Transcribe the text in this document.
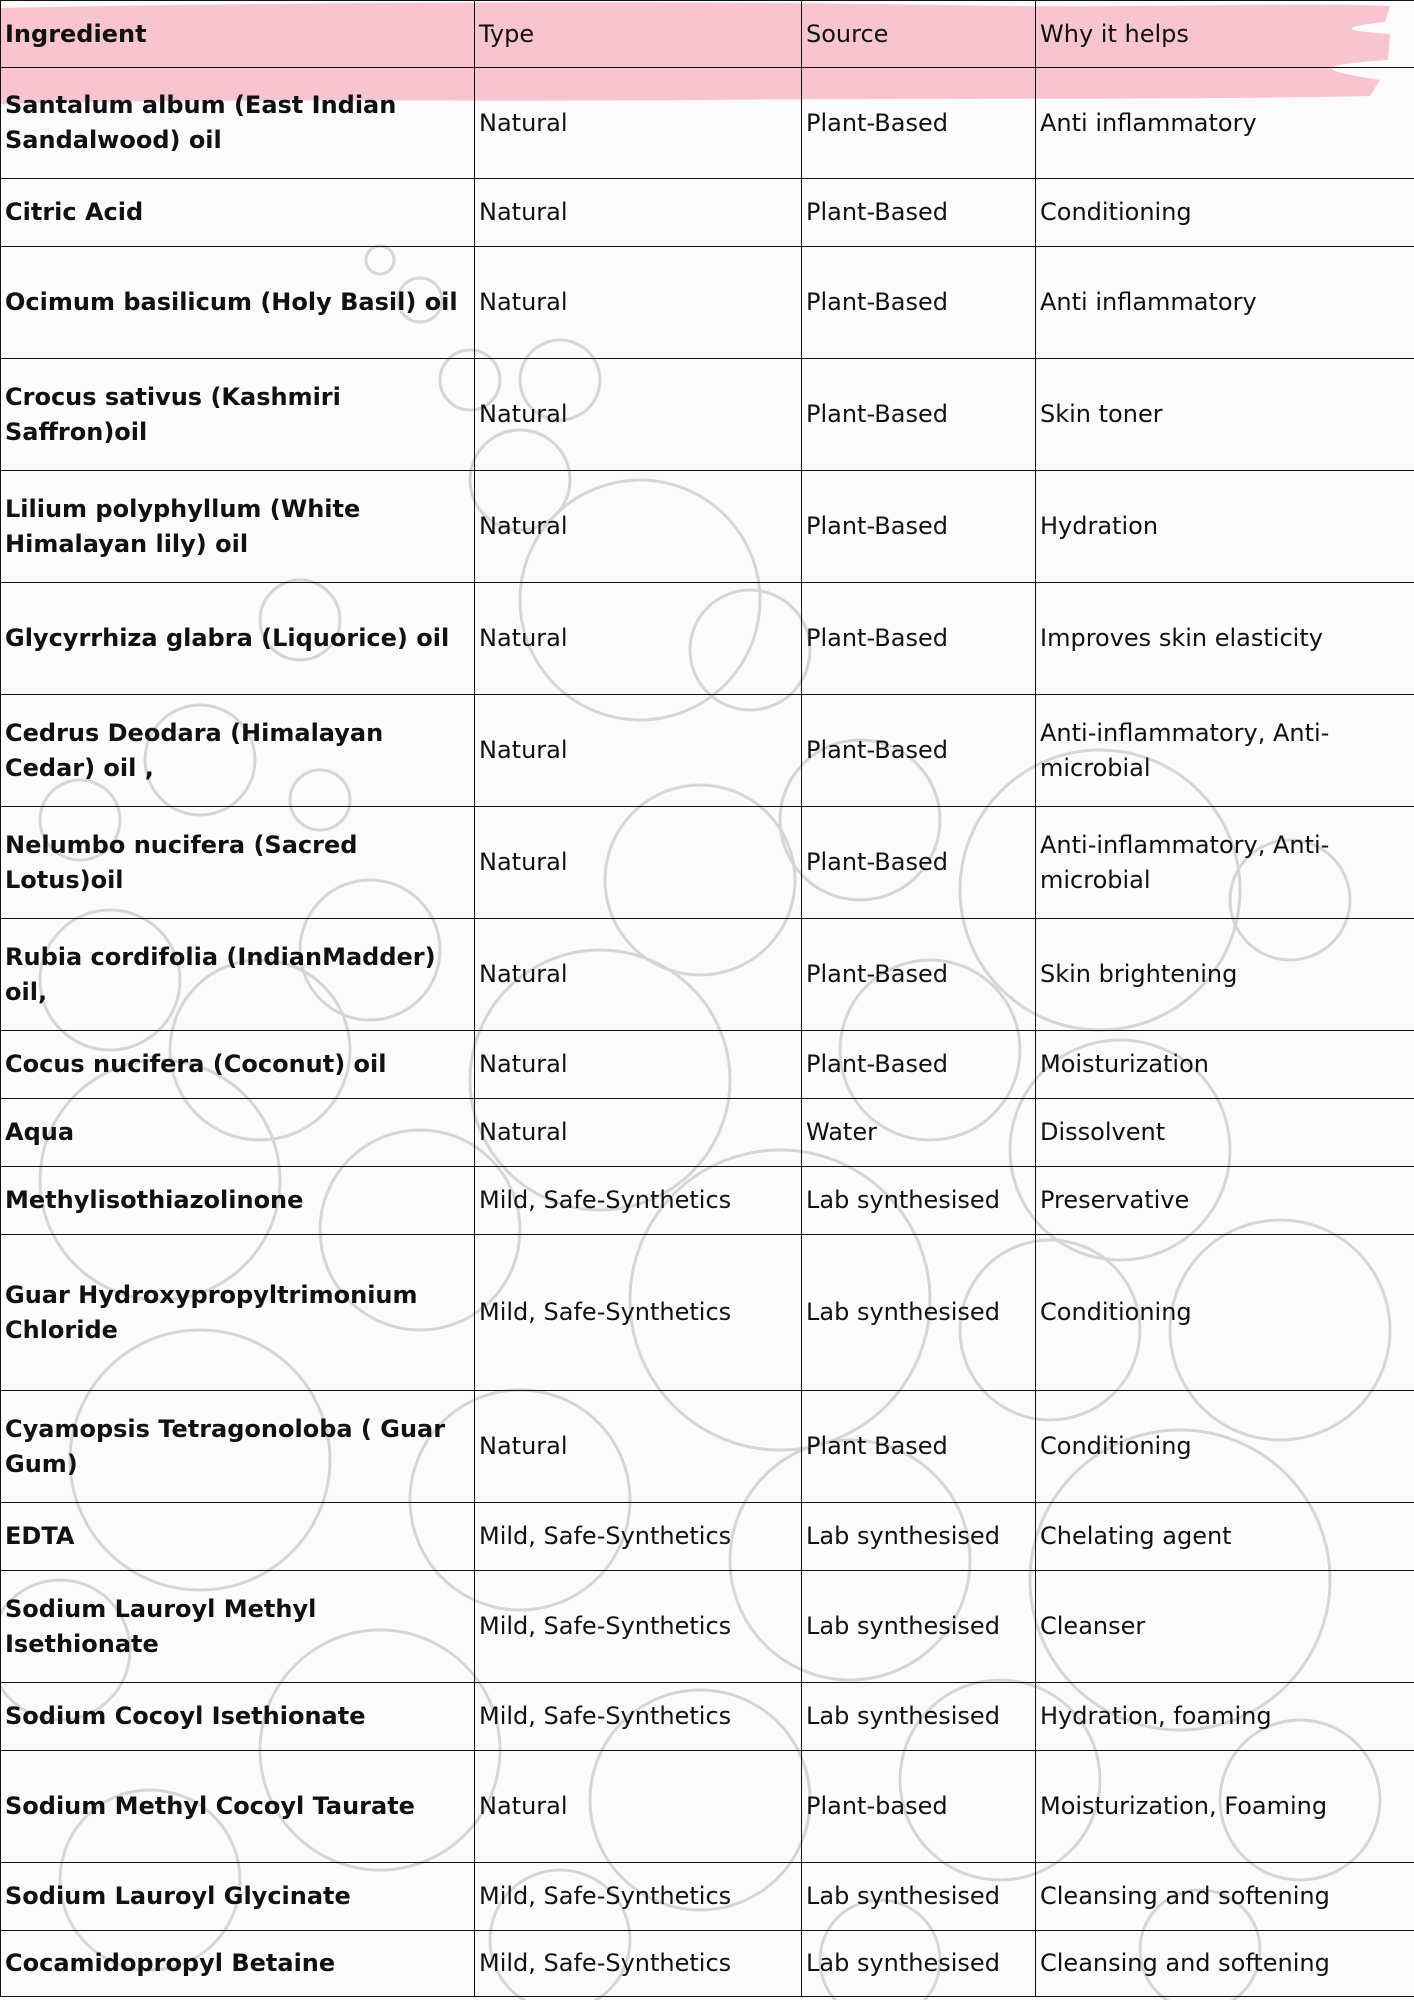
Ingredient	Type	Source	Why it helps
Santalum album (East Indian Sandalwood) oil	Natural	Plant-Based	Anti inflammatory
Citric Acid	Natural	Plant-Based	Conditioning
Ocimum basilicum (Holy Basil) oil	Natural	Plant-Based	Anti inflammatory
Crocus sativus (Kashmiri Saffron)oil	Natural	Plant-Based	Skin toner
Lilium polyphyllum (White Himalayan lily) oil	Natural	Plant-Based	Hydration
Glycyrrhiza glabra (Liquorice) oil	Natural	Plant-Based	Improves skin elasticity
Cedrus Deodara (Himalayan Cedar) oil ,	Natural	Plant-Based	Anti-inflammatory, Anti-microbial
Nelumbo nucifera (Sacred Lotus)oil	Natural	Plant-Based	Anti-inflammatory, Anti-microbial
Rubia cordifolia (IndianMadder) oil,	Natural	Plant-Based	Skin brightening
Cocus nucifera (Coconut) oil	Natural	Plant-Based	Moisturization
Aqua	Natural	Water	Dissolvent
Methylisothiazolinone	Mild, Safe-Synthetics	Lab synthesised	Preservative
Guar Hydroxypropyltrimonium Chloride	Mild, Safe-Synthetics	Lab synthesised	Conditioning
Cyamopsis Tetragonoloba ( Guar Gum)	Natural	Plant Based	Conditioning
EDTA	Mild, Safe-Synthetics	Lab synthesised	Chelating agent
Sodium Lauroyl Methyl Isethionate	Mild, Safe-Synthetics	Lab synthesised	Cleanser
Sodium Cocoyl Isethionate	Mild, Safe-Synthetics	Lab synthesised	Hydration, foaming
Sodium Methyl Cocoyl Taurate	Natural	Plant-based	Moisturization, Foaming
Sodium Lauroyl Glycinate	Mild, Safe-Synthetics	Lab synthesised	Cleansing and softening
Cocamidopropyl Betaine	Mild, Safe-Synthetics	Lab synthesised	Cleansing and softening
